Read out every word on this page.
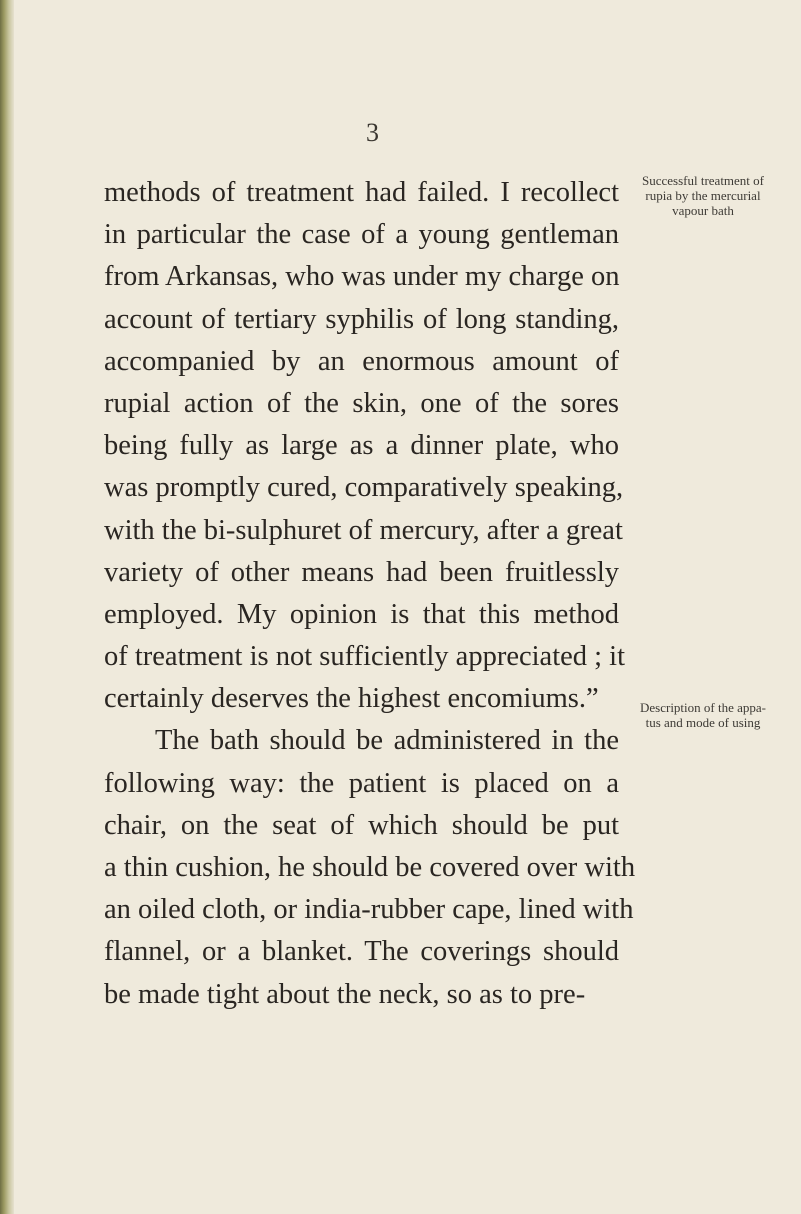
3
methods of treatment had failed. I recollect
in particular the case of a young gentleman
from Arkansas, who was under my charge on
account of tertiary syphilis of long standing,
accompanied by an enormous amount of
rupial action of the skin, one of the sores
being fully as large as a dinner plate, who
was promptly cured, comparatively speaking,
with the bi-sulphuret of mercury, after a great
variety of other means had been fruitlessly
employed. My opinion is that this method
of treatment is not sufficiently appreciated ; it
certainly deserves the highest encomiums.”
The bath should be administered in the
following way: the patient is placed on a
chair, on the seat of which should be put
a thin cushion, he should be covered over with
an oiled cloth, or india-rubber cape, lined with
flannel, or a blanket. The coverings should
be made tight about the neck, so as to pre-
Successful treatment of rupia by the mercurial vapour bath
Description of the appa- tus and mode of using
